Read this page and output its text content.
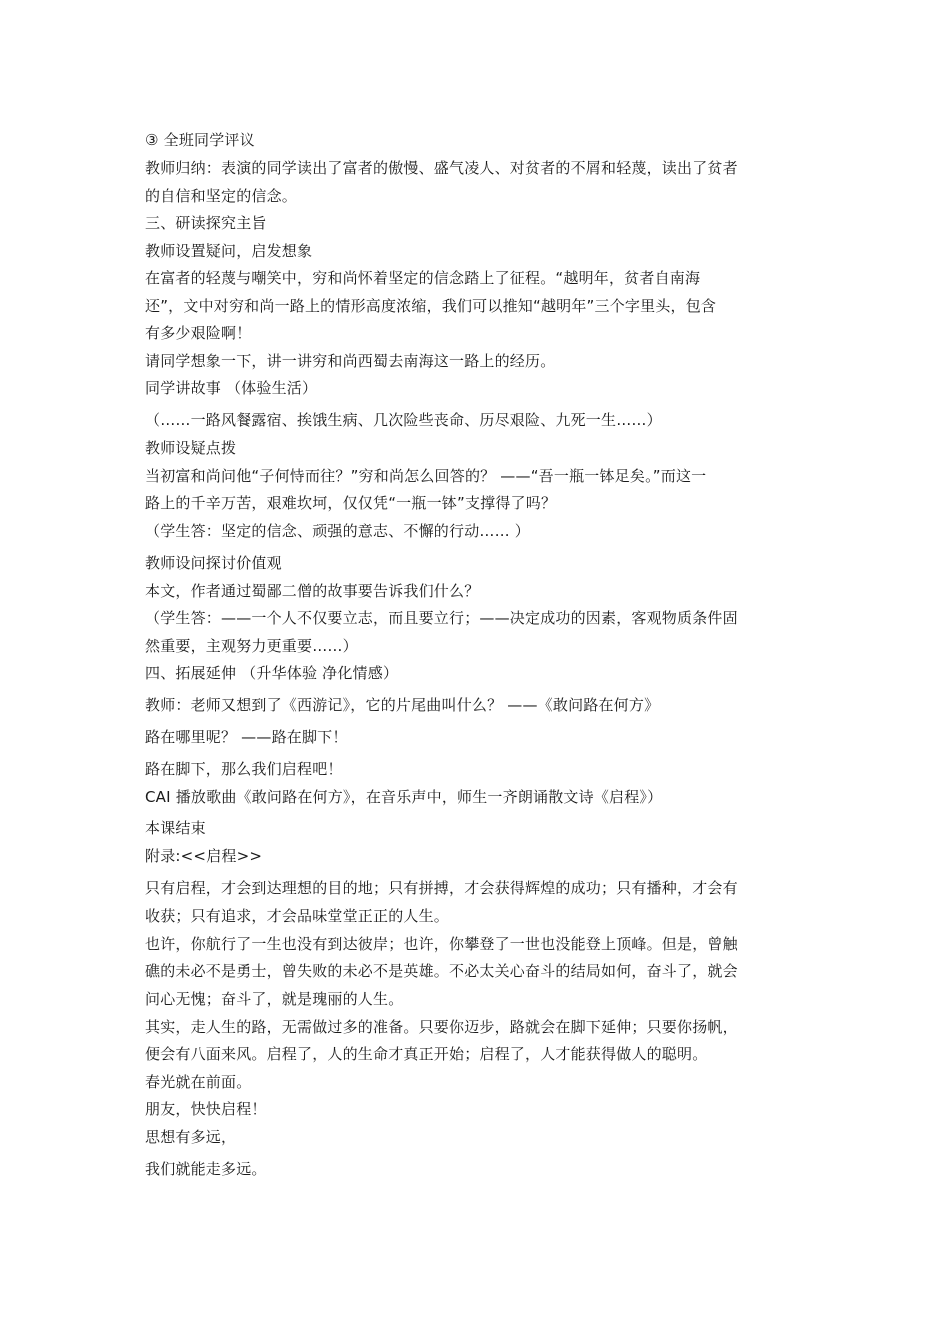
③ 全班同学评议

教师归纳：表演的同学读出了富者的傲慢、盛气凌人、对贫者的不屑和轻蔑，读出了贫者

的自信和坚定的信念。

三、研读探究主旨

教师设置疑问，启发想象

在富者的轻蔑与嘲笑中，穷和尚怀着坚定的信念踏上了征程。“越明年，贫者自南海

还”，文中对穷和尚一路上的情形高度浓缩，我们可以推知“越明年”三个字里头，包含

有多少艰险啊！

请同学想象一下，讲一讲穷和尚西蜀去南海这一路上的经历。

同学讲故事 （体验生活）

（……一路风餐露宿、挨饿生病、几次险些丧命、历尽艰险、九死一生……）

教师设疑点拨

当初富和尚问他“子何恃而往？”穷和尚怎么回答的？ ——“吾一瓶一钵足矣。”而这一

路上的千辛万苦，艰难坎坷，仅仅凭“一瓶一钵”支撑得了吗？

（学生答：坚定的信念、顽强的意志、不懈的行动…… ）

教师设问探讨价值观

本文，作者通过蜀鄙二僧的故事要告诉我们什么？

（学生答：——一个人不仅要立志，而且要立行；——决定成功的因素，客观物质条件固

然重要，主观努力更重要……）

四、拓展延伸 （升华体验 净化情感）

教师：老师又想到了《西游记》，它的片尾曲叫什么？ ——《敢问路在何方》

路在哪里呢？ ——路在脚下！

路在脚下，那么我们启程吧！

CAI 播放歌曲《敢问路在何方》，在音乐声中，师生一齐朗诵散文诗《启程》）

本课结束

附录:<<启程>>

只有启程，才会到达理想的目的地；只有拼搏，才会获得辉煌的成功；只有播种，才会有

收获；只有追求，才会品味堂堂正正的人生。

也许，你航行了一生也没有到达彼岸；也许，你攀登了一世也没能登上顶峰。但是，曾触

礁的未必不是勇士，曾失败的未必不是英雄。不必太关心奋斗的结局如何，奋斗了，就会

问心无愧；奋斗了，就是瑰丽的人生。

其实，走人生的路，无需做过多的准备。只要你迈步，路就会在脚下延伸；只要你扬帆，

便会有八面来风。启程了，人的生命才真正开始；启程了，人才能获得做人的聪明。

春光就在前面。

朋友，快快启程！

思想有多远，

我们就能走多远。
